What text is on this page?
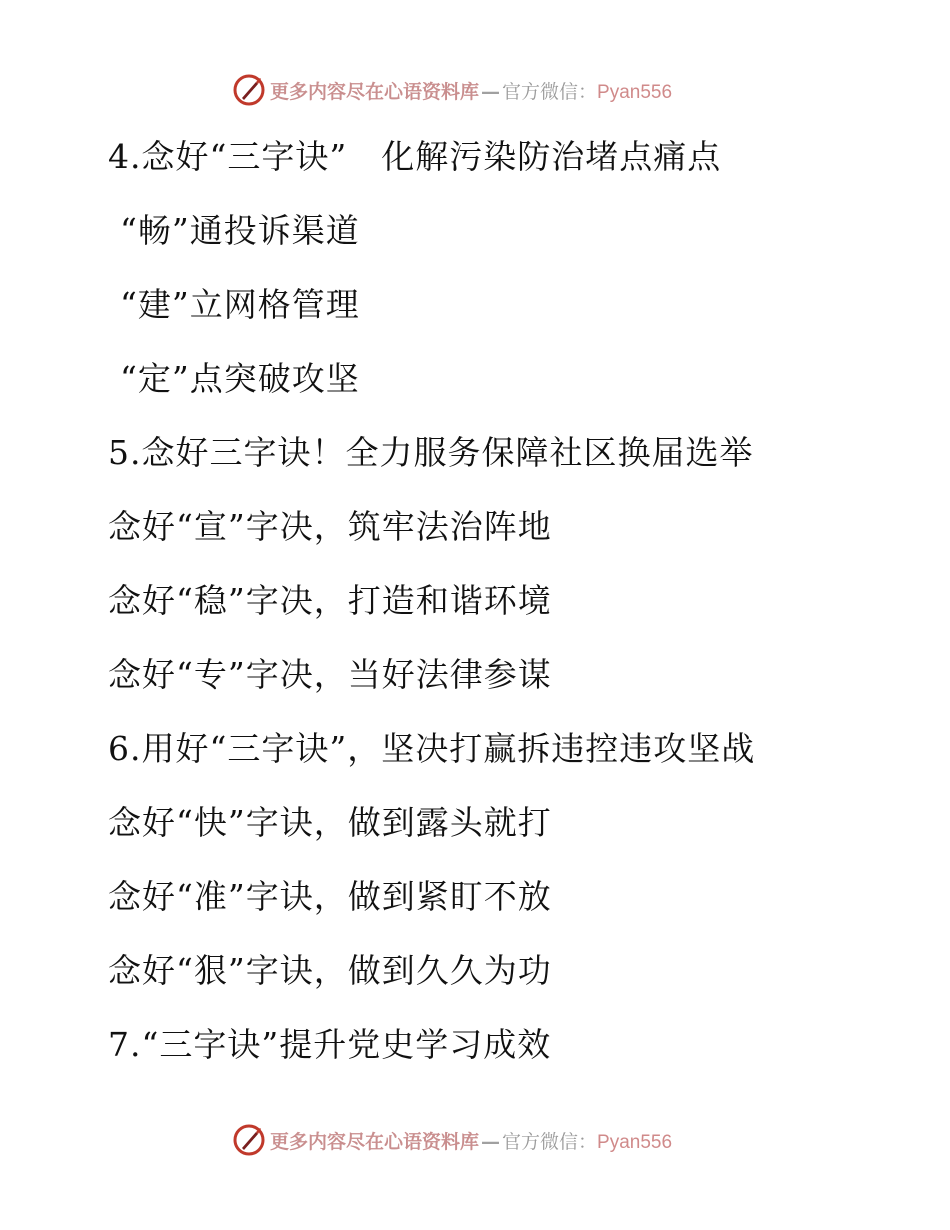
更多内容尽在心语资料库 — 官方微信：Pyan556
4.念好“三字诀”　化解污染防治堵点痛点
“畅”通投诉渠道
“建”立网格管理
“定”点突破攻坚
5.念好三字诀！全力服务保障社区换届选举
念好“宣”字决，筑牢法治阵地
念好“稳”字决，打造和谐环境
念好“专”字决，当好法律参谋
6.用好“三字诀”，坚决打赢拆违控违攻坚战
念好“快”字诀，做到露头就打
念好“准”字诀，做到紧盯不放
念好“狠”字诀，做到久久为功
7.“三字诀”提升党史学习成效
更多内容尽在心语资料库 — 官方微信：Pyan556
